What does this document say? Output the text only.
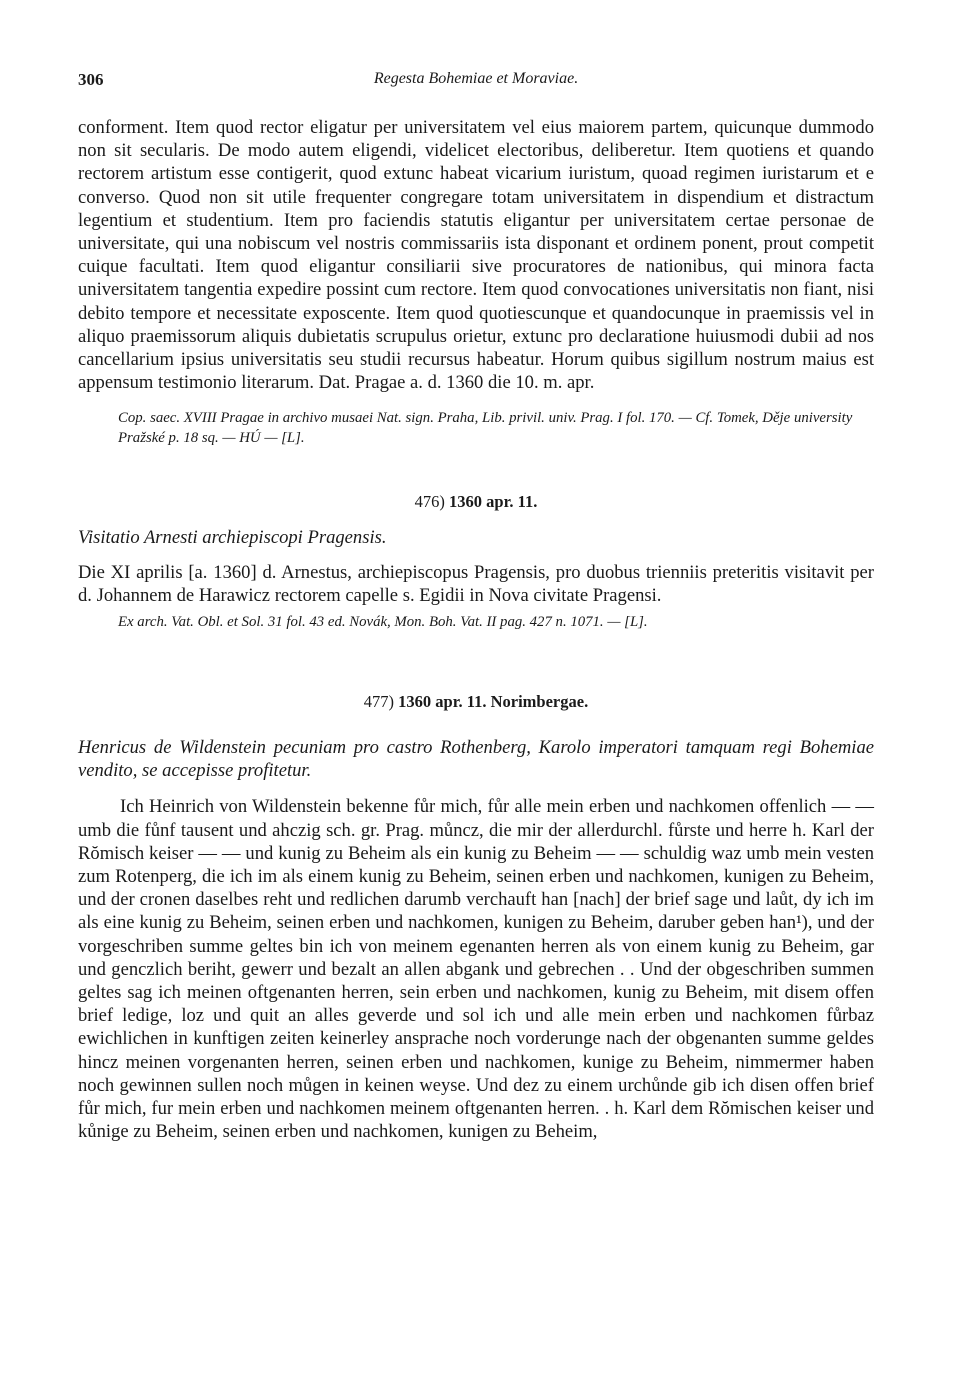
306	Regesta Bohemiae et Moraviae.

conforment. Item quod rector eligatur per universitatem vel eius maiorem partem, quicunque dummodo non sit secularis. De modo autem eligendi, videlicet electoribus, deliberetur. Item quotiens et quando rectorem artistum esse contigerit, quod extunc habeat vicarium iuristum, quoad regimen iuristarum et e converso. Quod non sit utile frequenter congregare totam universitatem in dispendium et distractum legentium et studentium. Item pro faciendis statutis eligantur per universitatem certae personae de universitate, qui una nobiscum vel nostris commissariis ista disponant et ordinem ponent, prout competit cuique facultati. Item quod eligantur consiliarii sive procuratores de nationibus, qui minora facta universitatem tangentia expedire possint cum rectore. Item quod convocationes universitatis non fiant, nisi debito tempore et necessitate exposcente. Item quod quotiescunque et quandocunque in praemissis vel in aliquo praemissorum aliquis dubietatis scrupulus orietur, extunc pro declaratione huiusmodi dubii ad nos cancellarium ipsius universitatis seu studii recursus habeatur. Horum quibus sigillum nostrum maius est appensum testimonio literarum. Dat. Pragae a. d. 1360 die 10. m. apr.

Cop. saec. XVIII Pragae in archivo musaei Nat. sign. Praha, Lib. privil. univ. Prag. I fol. 170. — Cf. Tomek, Děje university Pražské p. 18 sq. — HÚ — [L].

476) 1360 apr. 11.

Visitatio Arnesti archiepiscopi Pragensis.

Die XI aprilis [a. 1360] d. Arnestus, archiepiscopus Pragensis, pro duobus trienniis preteritis visitavit per d. Johannem de Harawicz rectorem capelle s. Egidii in Nova civitate Pragensi.

Ex arch. Vat. Obl. et Sol. 31 fol. 43 ed. Novák, Mon. Boh. Vat. II pag. 427 n. 1071. — [L].

477) 1360 apr. 11. Norimbergae.

Henricus de Wildenstein pecuniam pro castro Rothenberg, Karolo imperatori tamquam regi Bohemiae vendito, se accepisse profitetur.

Ich Heinrich von Wildenstein bekenne fůr mich, fůr alle mein erben und nachkomen offenlich — — umb die fůnf tausent und ahczig sch. gr. Prag. můncz, die mir der allerdurchl. fůrste und herre h. Karl der Rŏmisch keiser — — und kunig zu Beheim als ein kunig zu Beheim — — schuldig waz umb mein vesten zum Rotenperg, die ich im als einem kunig zu Beheim, seinen erben und nachkomen, kunigen zu Beheim, und der cronen daselbes reht und redlichen darumb verchauft han [nach] der brief sage und laůt, dy ich im als eine kunig zu Beheim, seinen erben und nachkomen, kunigen zu Beheim, daruber geben han¹), und der vorgeschriben summe geltes bin ich von meinem egenanten herren als von einem kunig zu Beheim, gar und genczlich beriht, gewerr und bezalt an allen abgank und gebrechen . . Und der obgeschriben summen geltes sag ich meinen oftgenanten herren, sein erben und nachkomen, kunig zu Beheim, mit disem offen brief ledige, loz und quit an alles geverde und sol ich und alle mein erben und nachkomen fůrbaz ewichlichen in kunftigen zeiten keinerley ansprache noch vorderunge nach der obgenanten summe geldes hincz meinen vorgenanten herren, seinen erben und nachkomen, kunige zu Beheim, nimmermer haben noch gewinnen sullen noch můgen in keinen weyse. Und dez zu einem urchůnde gib ich disen offen brief fůr mich, fur mein erben und nachkomen meinem oftgenanten herren. . h. Karl dem Rŏmischen keiser und kůnige zu Beheim, seinen erben und nachkomen, kunigen zu Beheim,
